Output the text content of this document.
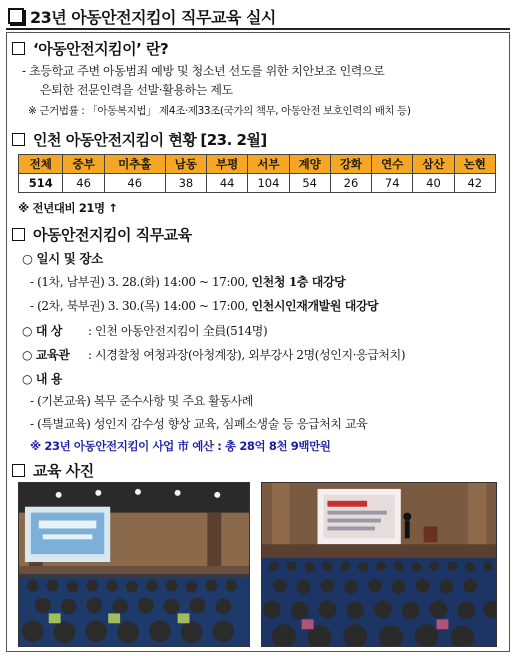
23년 아동안전지킴이 직무교육 실시
‘아동안전지킴이’ 란?
- 초등학교 주변 아동범죄 예방 및 청소년 선도를 위한 치안보조 인력으로
은퇴한 전문인력을 선발·활용하는 제도
※ 근거법률 : 「아동복지법」 제4조·제33조(국가의 책무, 아동안전 보호인력의 배치 등)
인천 아동안전지킴이 현황 [23. 2월]
전체	중부	미추홀	남동	부평	서부	계양	강화	연수	삼산	논현
514	46	46	38	44	104	54	26	74	40	42
※ 전년대비 21명 ↑
아동안전지킴이 직무교육
○ 일시 및 장소
- (1차, 남부권) 3. 28.(화) 14:00 ~ 17:00, 인천청 1층 대강당
- (2차, 북부권) 3. 30.(목) 14:00 ~ 17:00, 인천시인재개발원 대강당
○ 대 상 : 인천 아동안전지킴이 全員(514명)
○ 교육관 : 시경찰청 여청과장(아청계장), 외부강사 2명(성인지·응급처치)
○ 내 용
- (기본교육) 복무 준수사항 및 주요 활동사례
- (특별교육) 성인지 감수성 향상 교육, 심폐소생술 등 응급처치 교육
※ 23년 아동안전지킴이 사업 市 예산 : 총 28억 8천 9백만원
교육 사진
